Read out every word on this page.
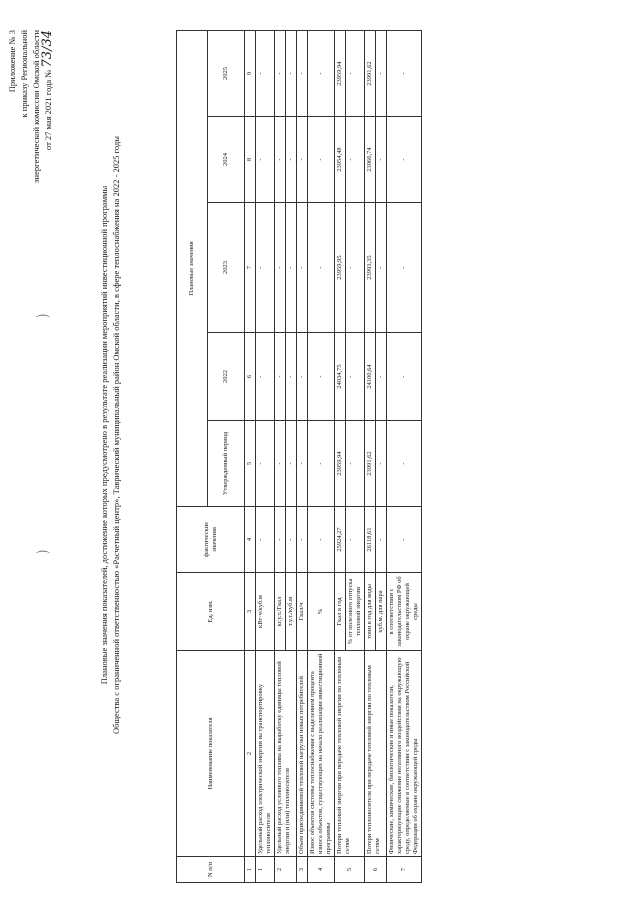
Приложение № 3 к приказу Региональной энергетической комиссии Омской области от 27 мая 2021 года № 73/34
Плановые значения показателей, достижение которых предусмотрено в результате реализации мероприятий инвестиционной программы Общества с ограниченной ответственностью «Расчетный центр», Таврический муниципальный район Омской области, в сфере теплоснабжения на 2022 - 2025 годы
N п/п	Наименование показателя	Ед. изм.	фактические значения	Плановые значения				
				Утвержденный период	2022	2023	2024	2025
1	2	3	4	5	6	7	8	9
1	Удельный расход электрической энергии на транспортировку теплоносителя	кВт·ч/куб.м	-	-	-	-	-	-
2	Удельный расход условного топлива на выработку единицы тепловой энергии и (или) теплоносителя	кг.у.т./Гкал	-	-	-	-	-	-
		т.у.т./куб.м	-	-	-	-	-	-
3	Объем присоединяемой тепловой нагрузки новых потребителей	Гкал/ч	-	-	-	-	-	-
4	Износ объектов системы теплоснабжения с выделением процента износа объектов, существующих на начало реализации инвестиционной программы	%	-	-	-	-	-	-
5	Потери тепловой энергии при передаче тепловой энергии по тепловым сетям	Гкал в год	25924,27	23959,94	24034,75	23959,95	23954,48	23959,94
		% от полезного отпуска тепловой энергии	-	-	-	-	-	-
6	Потери теплоносителя при передаче тепловой энергии по тепловым сетям	тонн в год для воды	26118,61	23991,62	24100,64	23993,35	23966,74	23991,62
		куб.м. для пара	-	-	-	-	-	-
7	Физические, химические, биологические и иные показатели, характеризующие снижение негативного воздействия на окружающую среду, определяемые в соответствии с законодательством Российской Федерации об охране окружающей среды	в соответствии с законодательством РФ об охране окружающей среды	-	-	-	-	-	-
⌒
⌒
